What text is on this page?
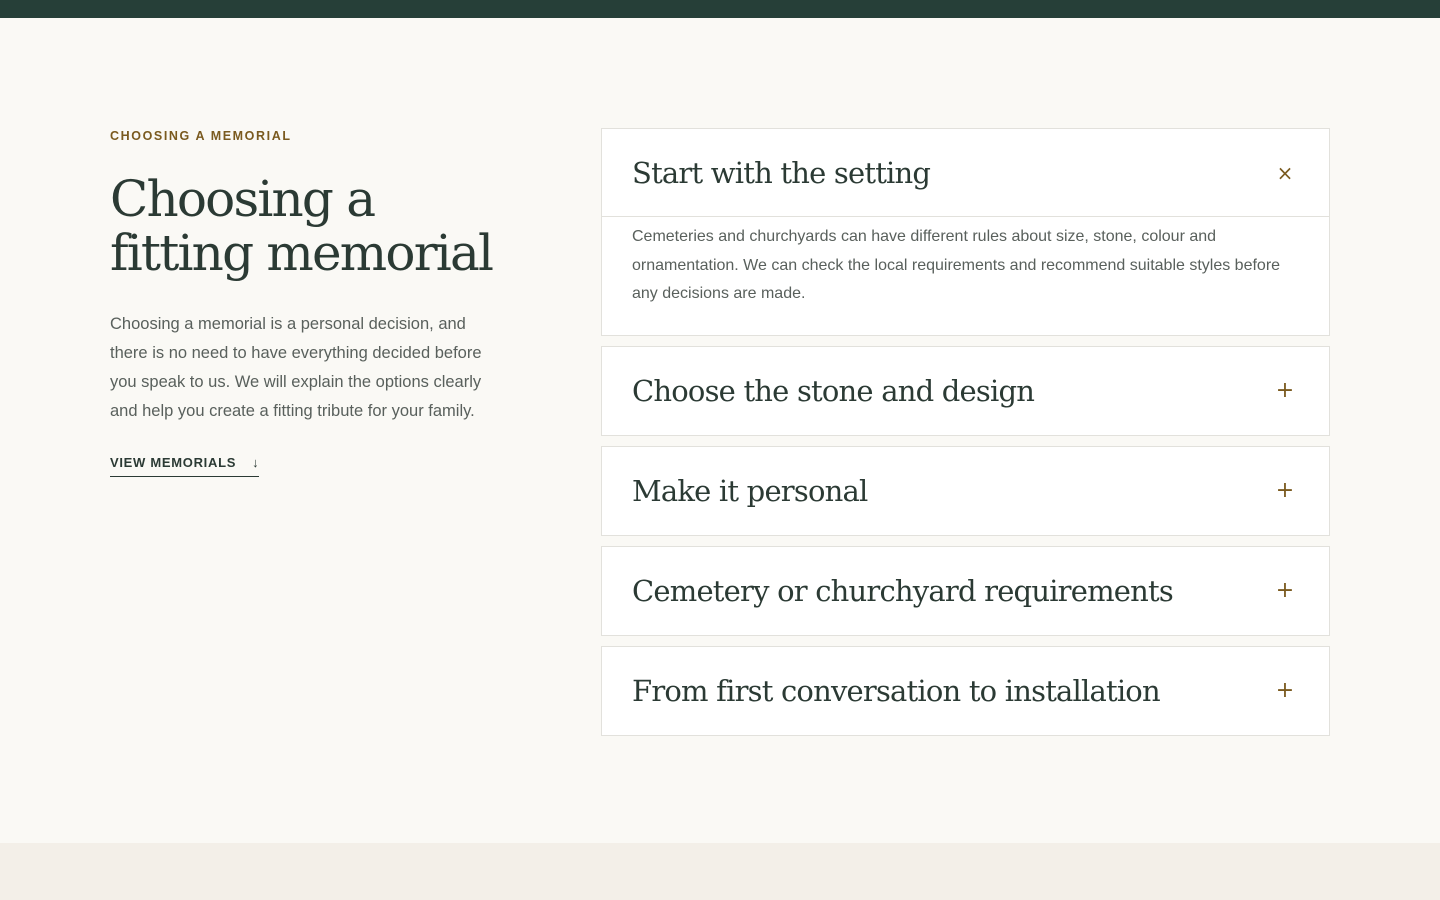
CHOOSING A MEMORIAL
Choosing a
fitting memorial

Choosing a memorial is a personal decision, and there is no need to have everything decided before you speak to us. We will explain the options clearly and help you create a fitting tribute for your family.

VIEW MEMORIALS ↓
Start with the setting	×
Cemeteries and churchyards can have different rules about size, stone, colour and ornamentation. We can check the local requirements and recommend suitable styles before any decisions are made.
Choose the stone and design	+
Make it personal	+
Cemetery or churchyard requirements	+
From first conversation to installation	+
